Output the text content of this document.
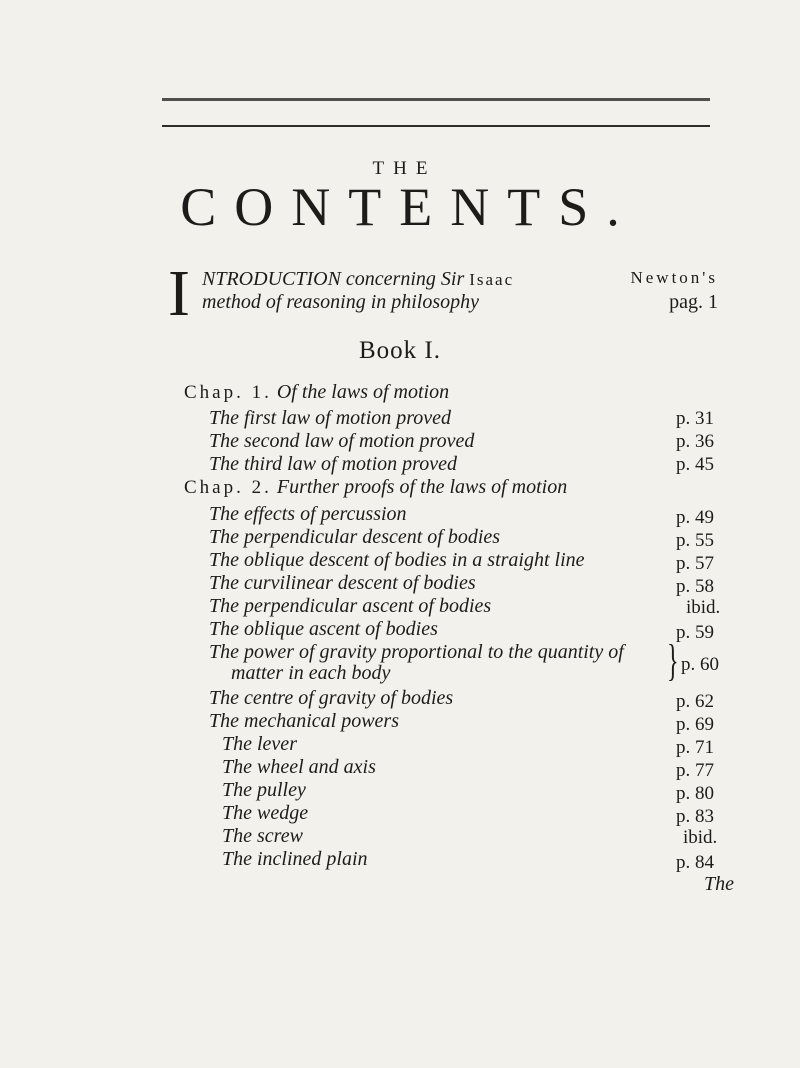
THE
CONTENTS.
I NTRODUCTION concerning Sir Isaac	Newton's
method of reasoning in philosophy	pag. 1
Book I.
Chap. 1. Of the laws of motion
The first law of motion proved	p. 31
The second law of motion proved	p. 36
The third law of motion proved	p. 45
Chap. 2. Further proofs of the laws of motion
The effects of percussion	p. 49
The perpendicular descent of bodies	p. 55
The oblique descent of bodies in a straight line	p. 57
The curvilinear descent of bodies	p. 58
The perpendicular ascent of bodies	ibid.
The oblique ascent of bodies	p. 59
The power of gravity proportional to the quantity of
matter in each body	} p. 60
The centre of gravity of bodies	p. 62
The mechanical powers	p. 69
The lever	p. 71
The wheel and axis	p. 77
The pulley	p. 80
The wedge	p. 83
The screw	ibid.
The inclined plain	p. 84
The
